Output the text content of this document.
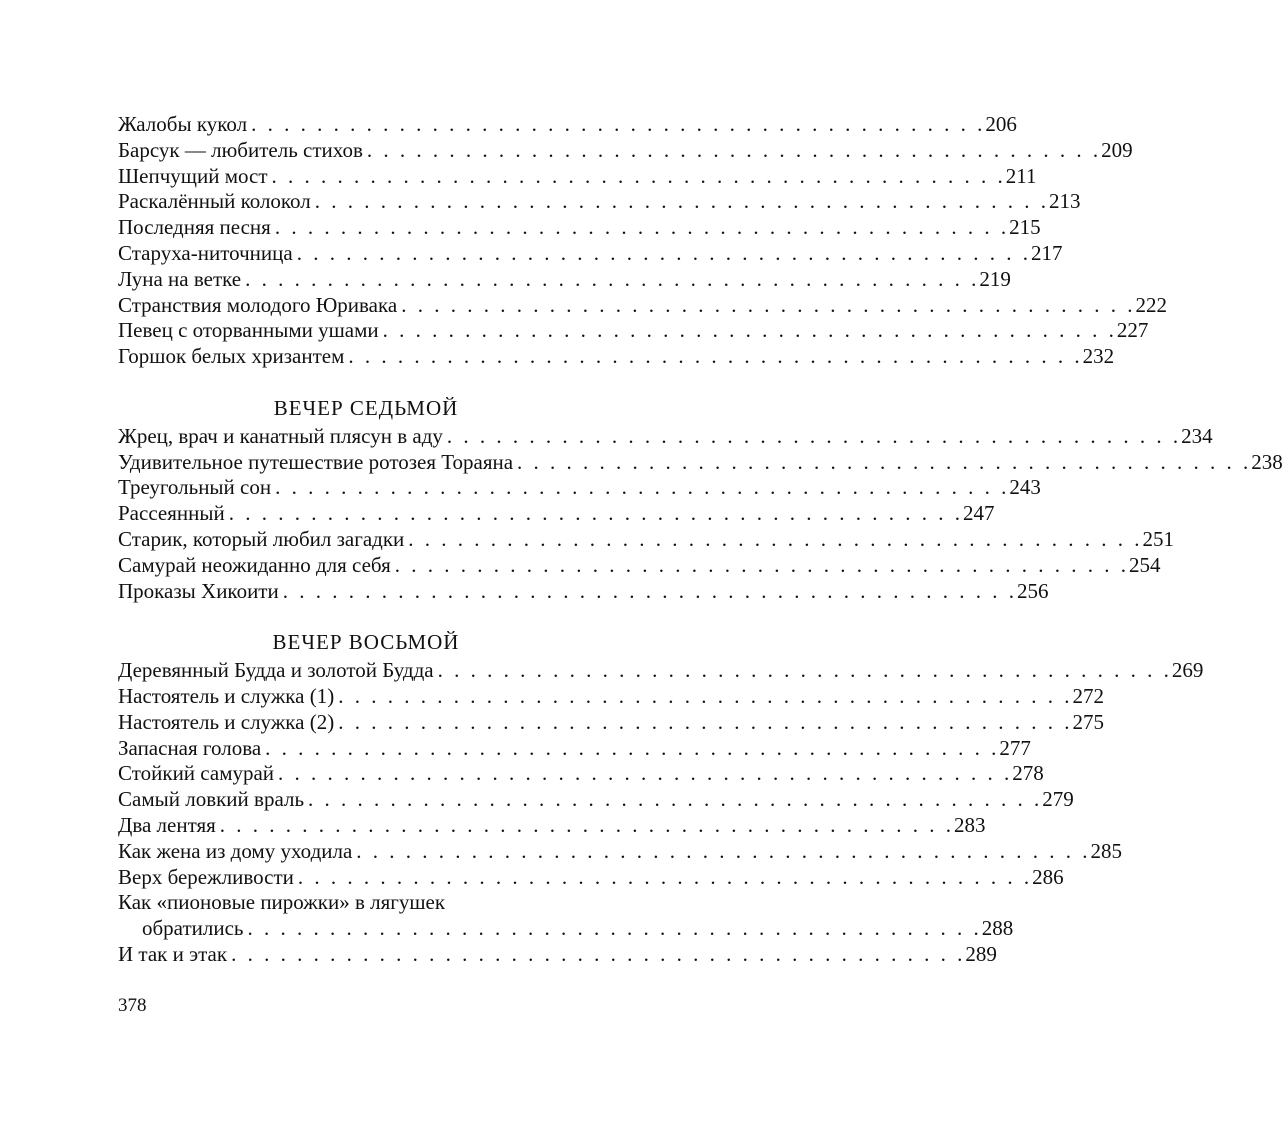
Жалобы кукол . . . . . . . . . . . . . . . . . . . . . . . . . . . . . . . . . . . . . . . . . . . . . 206
Барсук — любитель стихов . . . . . . . . . . . . . . . . . . . . . . . . . . . . . . . . . . . . . . . . . . . . . 209
Шепчущий мост . . . . . . . . . . . . . . . . . . . . . . . . . . . . . . . . . . . . . . . . . . . . . 211
Раскалённый колокол . . . . . . . . . . . . . . . . . . . . . . . . . . . . . . . . . . . . . . . . . . . . . 213
Последняя песня . . . . . . . . . . . . . . . . . . . . . . . . . . . . . . . . . . . . . . . . . . . . . 215
Старуха-ниточница . . . . . . . . . . . . . . . . . . . . . . . . . . . . . . . . . . . . . . . . . . . . . 217
Луна на ветке . . . . . . . . . . . . . . . . . . . . . . . . . . . . . . . . . . . . . . . . . . . . . 219
Странствия молодого Юривака . . . . . . . . . . . . . . . . . . . . . . . . . . . . . . . . . . . . . . . . . . . . . 222
Певец с оторванными ушами . . . . . . . . . . . . . . . . . . . . . . . . . . . . . . . . . . . . . . . . . . . . . 227
Горшок белых хризантем . . . . . . . . . . . . . . . . . . . . . . . . . . . . . . . . . . . . . . . . . . . . . 232
ВЕЧЕР СЕДЬМОЙ
Жрец, врач и канатный плясун в аду . . . . . . . . . . . . . . . . . . . . . . . . . . . . . . . . . . . . . . . . . . . . . 234
Удивительное путешествие ротозея Тораяна . . . . . . . . . . . . . . . . . . . . . . . . . . . . . . . . . . . . . . . . . . . . . 238
Треугольный сон . . . . . . . . . . . . . . . . . . . . . . . . . . . . . . . . . . . . . . . . . . . . . 243
Рассеянный . . . . . . . . . . . . . . . . . . . . . . . . . . . . . . . . . . . . . . . . . . . . . 247
Старик, который любил загадки . . . . . . . . . . . . . . . . . . . . . . . . . . . . . . . . . . . . . . . . . . . . . 251
Самурай неожиданно для себя . . . . . . . . . . . . . . . . . . . . . . . . . . . . . . . . . . . . . . . . . . . . . 254
Проказы Хикоити . . . . . . . . . . . . . . . . . . . . . . . . . . . . . . . . . . . . . . . . . . . . . 256
ВЕЧЕР ВОСЬМОЙ
Деревянный Будда и золотой Будда . . . . . . . . . . . . . . . . . . . . . . . . . . . . . . . . . . . . . . . . . . . . . 269
Настоятель и служка (1) . . . . . . . . . . . . . . . . . . . . . . . . . . . . . . . . . . . . . . . . . . . . . 272
Настоятель и служка (2) . . . . . . . . . . . . . . . . . . . . . . . . . . . . . . . . . . . . . . . . . . . . . 275
Запасная голова . . . . . . . . . . . . . . . . . . . . . . . . . . . . . . . . . . . . . . . . . . . . . 277
Стойкий самурай . . . . . . . . . . . . . . . . . . . . . . . . . . . . . . . . . . . . . . . . . . . . . 278
Самый ловкий враль . . . . . . . . . . . . . . . . . . . . . . . . . . . . . . . . . . . . . . . . . . . . . 279
Два лентяя . . . . . . . . . . . . . . . . . . . . . . . . . . . . . . . . . . . . . . . . . . . . . 283
Как жена из дому уходила . . . . . . . . . . . . . . . . . . . . . . . . . . . . . . . . . . . . . . . . . . . . . 285
Верх бережливости . . . . . . . . . . . . . . . . . . . . . . . . . . . . . . . . . . . . . . . . . . . . . 286
Как «пионовые пирожки» в лягушек
обратились . . . . . . . . . . . . . . . . . . . . . . . . . . . . . . . . . . . . . . . . . . . . . 288
И так и этак . . . . . . . . . . . . . . . . . . . . . . . . . . . . . . . . . . . . . . . . . . . . . 289
378
